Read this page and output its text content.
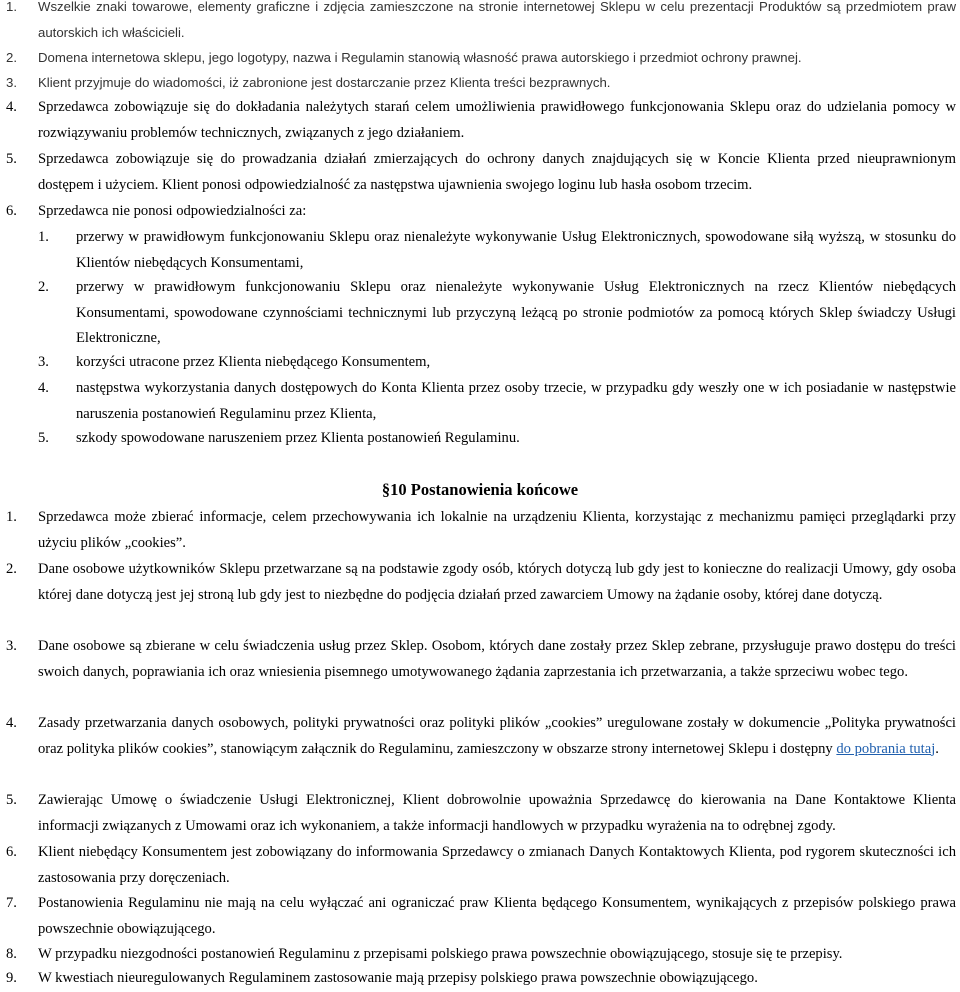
1.	Wszelkie znaki towarowe, elementy graficzne i zdjęcia zamieszczone na stronie internetowej Sklepu w celu prezentacji Produktów są przedmiotem praw autorskich ich właścicieli.
2.	Domena internetowa sklepu, jego logotypy, nazwa i Regulamin stanowią własność prawa autorskiego i przedmiot ochrony prawnej.
3.	Klient przyjmuje do wiadomości, iż zabronione jest dostarczanie przez Klienta treści bezprawnych.
4.	Sprzedawca zobowiązuje się do dokładania należytych starań celem umożliwienia prawidłowego funkcjonowania Sklepu oraz do udzielania pomocy w rozwiązywaniu problemów technicznych, związanych z jego działaniem.
5.	Sprzedawca zobowiązuje się do prowadzania działań zmierzających do ochrony danych znajdujących się w Koncie Klienta przed nieuprawnionym dostępem i użyciem. Klient ponosi odpowiedzialność za następstwa ujawnienia swojego loginu lub hasła osobom trzecim.
6.	Sprzedawca nie ponosi odpowiedzialności za:
1.	przerwy w prawidłowym funkcjonowaniu Sklepu oraz nienależyte wykonywanie Usług Elektronicznych, spowodowane siłą wyższą, w stosunku do Klientów niebędących Konsumentami,
2.	przerwy w prawidłowym funkcjonowaniu Sklepu oraz nienależyte wykonywanie Usług Elektronicznych na rzecz Klientów niebędących Konsumentami, spowodowane czynnościami technicznymi lub przyczyną leżącą po stronie podmiotów za pomocą których Sklep świadczy Usługi Elektroniczne,
3.	korzyści utracone przez Klienta niebędącego Konsumentem,
4.	następstwa wykorzystania danych dostępowych do Konta Klienta przez osoby trzecie, w przypadku gdy weszły one w ich posiadanie w następstwie naruszenia postanowień Regulaminu przez Klienta,
5.	szkody spowodowane naruszeniem przez Klienta postanowień Regulaminu.
§10 Postanowienia końcowe
1.	Sprzedawca może zbierać informacje, celem przechowywania ich lokalnie na urządzeniu Klienta, korzystając z mechanizmu pamięci przeglądarki przy użyciu plików „cookies”.
2.	Dane osobowe użytkowników Sklepu przetwarzane są na podstawie zgody osób, których dotyczą lub gdy jest to konieczne do realizacji Umowy, gdy osoba której dane dotyczą jest jej stroną lub gdy jest to niezbędne do podjęcia działań przed zawarciem Umowy na żądanie osoby, której dane dotyczą.
3.	Dane osobowe są zbierane w celu świadczenia usług przez Sklep. Osobom, których dane zostały przez Sklep zebrane, przysługuje prawo dostępu do treści swoich danych, poprawiania ich oraz wniesienia pisemnego umotywowanego żądania zaprzestania ich przetwarzania, a także sprzeciwu wobec tego.
4.	Zasady przetwarzania danych osobowych, polityki prywatności oraz polityki plików „cookies” uregulowane zostały w dokumencie „Polityka prywatności oraz polityka plików cookies”, stanowiącym załącznik do Regulaminu, zamieszczony w obszarze strony internetowej Sklepu i dostępny do pobrania tutaj.
5.	Zawierając Umowę o świadczenie Usługi Elektronicznej, Klient dobrowolnie upoważnia Sprzedawcę do kierowania na Dane Kontaktowe Klienta informacji związanych z Umowami oraz ich wykonaniem, a także informacji handlowych w przypadku wyrażenia na to odrębnej zgody.
6.	Klient niebędący Konsumentem jest zobowiązany do informowania Sprzedawcy o zmianach Danych Kontaktowych Klienta, pod rygorem skuteczności ich zastosowania przy doręczeniach.
7.	Postanowienia Regulaminu nie mają na celu wyłączać ani ograniczać praw Klienta będącego Konsumentem, wynikających z przepisów polskiego prawa powszechnie obowiązującego.
8.	W przypadku niezgodności postanowień Regulaminu z przepisami polskiego prawa powszechnie obowiązującego, stosuje się te przepisy.
9.	W kwestiach nieuregulowanych Regulaminem zastosowanie mają przepisy polskiego prawa powszechnie obowiązującego.
